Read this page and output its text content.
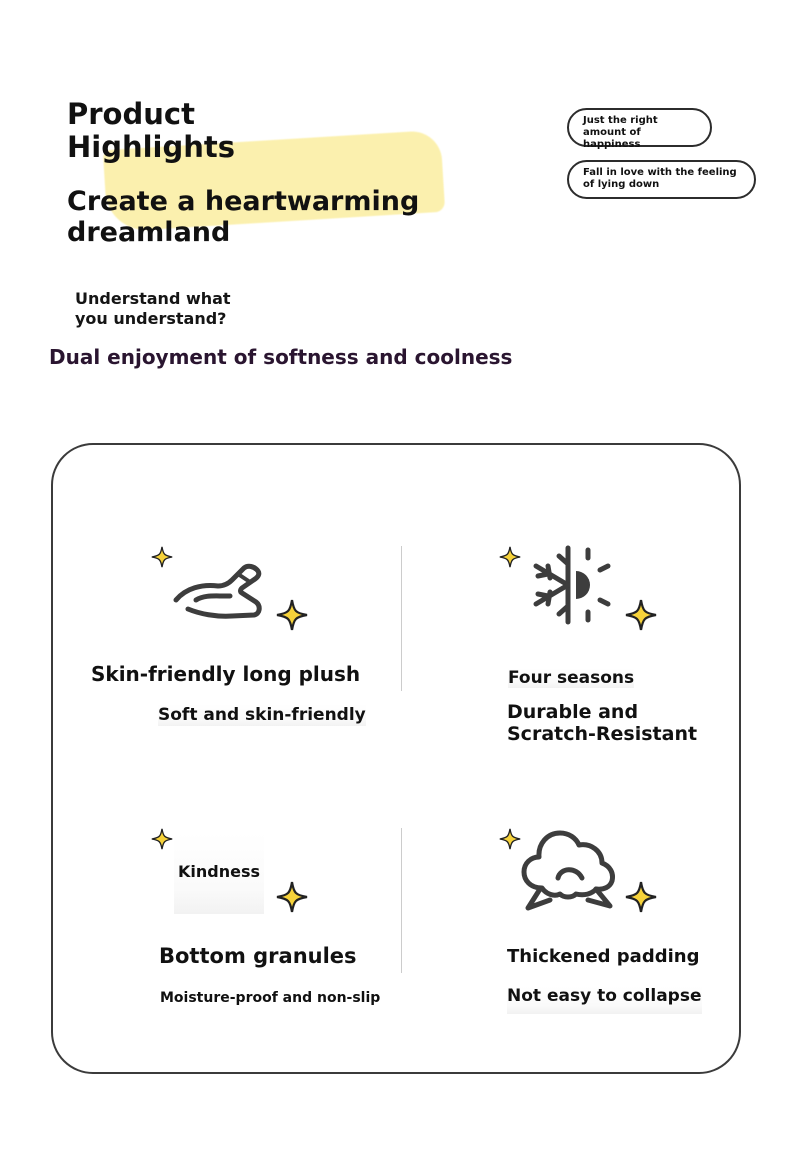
Product Highlights
Create a heartwarming dreamland
Understand what you understand?
Dual enjoyment of softness and coolness
Just the right amount of happiness
Fall in love with the feeling of lying down
Skin-friendly long plush
Soft and skin-friendly
Four seasons
Durable and Scratch-Resistant
Kindness
Bottom granules
Moisture-proof and non-slip
Thickened padding
Not easy to collapse
